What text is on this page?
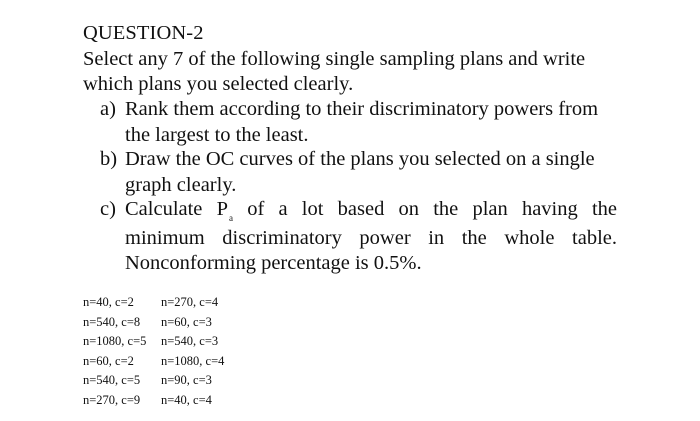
QUESTION-2
Select any 7 of the following single sampling plans and write
which plans you selected clearly.
a) Rank them according to their discriminatory powers from
the largest to the least.
b) Draw the OC curves of the plans you selected on a single
graph clearly.
c) Calculate $P_a$ of a lot based on the plan having the
minimum discriminatory power in the whole table.
Nonconforming percentage is 0.5%.
n=40, c=2 n=270, c=4
n=540, c=8 n=60, c=3
n=1080, c=5 n=540, c=3
n=60, c=2 n=1080, c=4
n=540, c=5 n=90, c=3
n=270, c=9 n=40, c=4
